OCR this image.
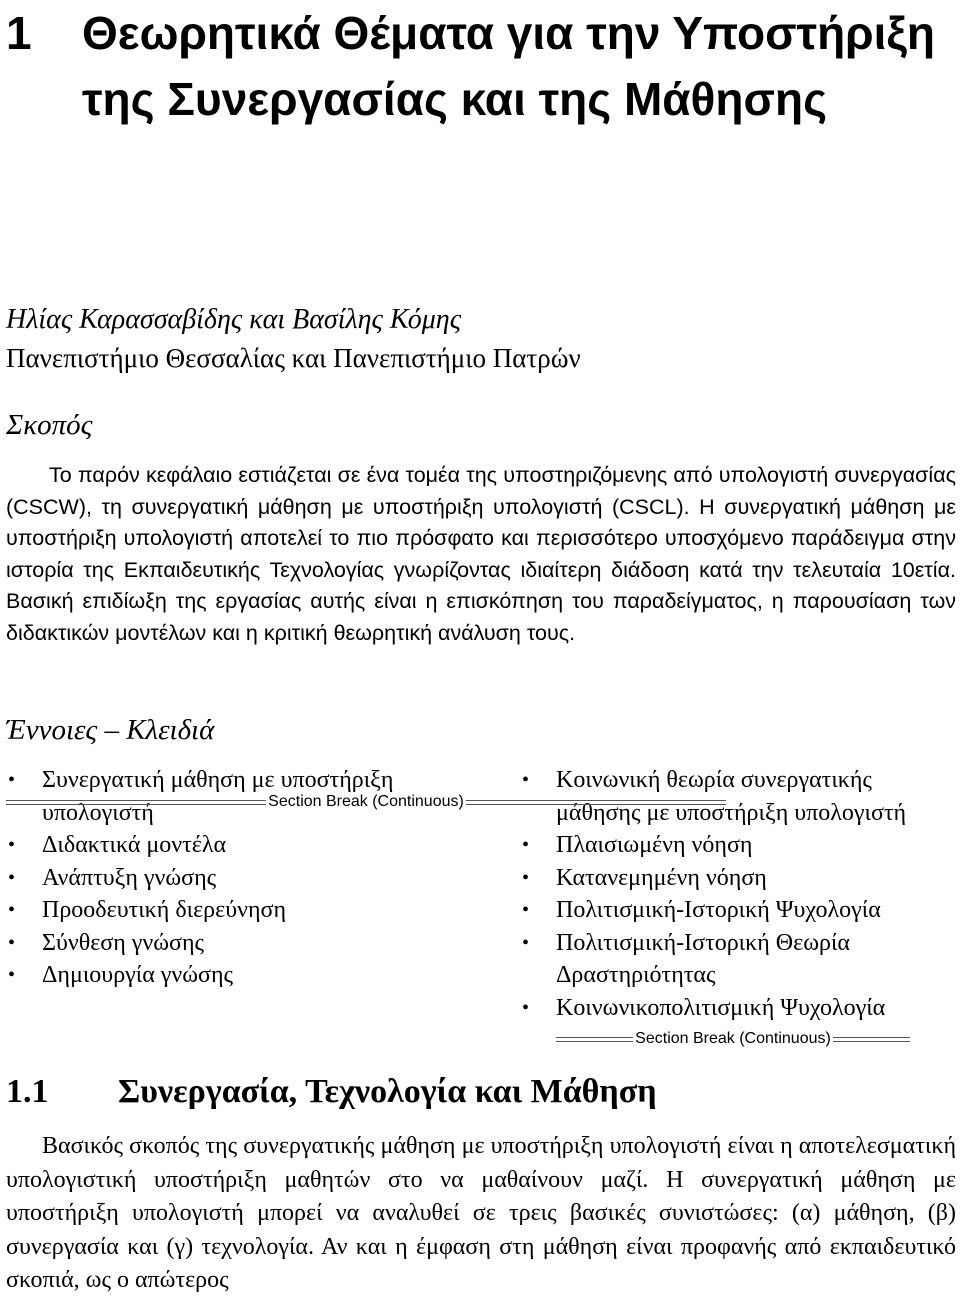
1 Θεωρητικά Θέματα για την Υποστήριξη της Συνεργασίας και της Μάθησης
Ηλίας Καρασσαβίδης και Βασίλης Κόμης
Πανεπιστήμιο Θεσσαλίας και Πανεπιστήμιο Πατρών
Σκοπός

Το παρόν κεφάλαιο εστιάζεται σε ένα τομέα της υποστηριζόμενης από υπολογιστή συνεργασίας (CSCW), τη συνεργατική μάθηση με υποστήριξη υπολογιστή (CSCL). Η συνεργατική μάθηση με υποστήριξη υπολογιστή αποτελεί το πιο πρόσφατο και περισσότερο υποσχόμενο παράδειγμα στην ιστορία της Εκπαιδευτικής Τεχνολογίας γνωρίζοντας ιδιαίτερη διάδοση κατά την τελευταία 10ετία. Βασική επιδίωξη της εργασίας αυτής είναι η επισκόπηση του παραδείγματος, η παρουσίαση των διδακτικών μοντέλων και η κριτική θεωρητική ανάλυση τους.

Έννοιες – Κλειδιά
• Συνεργατική μάθηση με υποστήριξη υπολογιστή
• Διδακτικά μοντέλα
• Ανάπτυξη γνώσης
• Προοδευτική διερεύνηση
• Σύνθεση γνώσης
• Δημιουργία γνώσης
• Κοινωνική θεωρία συνεργατικής μάθησης με υποστήριξη υπολογιστή
• Πλαισιωμένη νόηση
• Κατανεμημένη νόηση
• Πολιτισμική-Ιστορική Ψυχολογία
• Πολιτισμική-Ιστορική Θεωρία Δραστηριότητας
• Κοινωνικοπολιτισμική Ψυχολογία
Section Break (Continuous)
Section Break (Continuous)
1.1 Συνεργασία, Τεχνολογία και Μάθηση

Βασικός σκοπός της συνεργατικής μάθηση με υποστήριξη υπολογιστή είναι η αποτελεσματική υπολογιστική υποστήριξη μαθητών στο να μαθαίνουν μαζί. Η συνεργατική μάθηση με υποστήριξη υπολογιστή μπορεί να αναλυθεί σε τρεις βασικές συνιστώσες: (α) μάθηση, (β) συνεργασία και (γ) τεχνολογία. Αν και η έμφαση στη μάθηση είναι προφανής από εκπαιδευτικό σκοπιά, ως ο απώτερος
